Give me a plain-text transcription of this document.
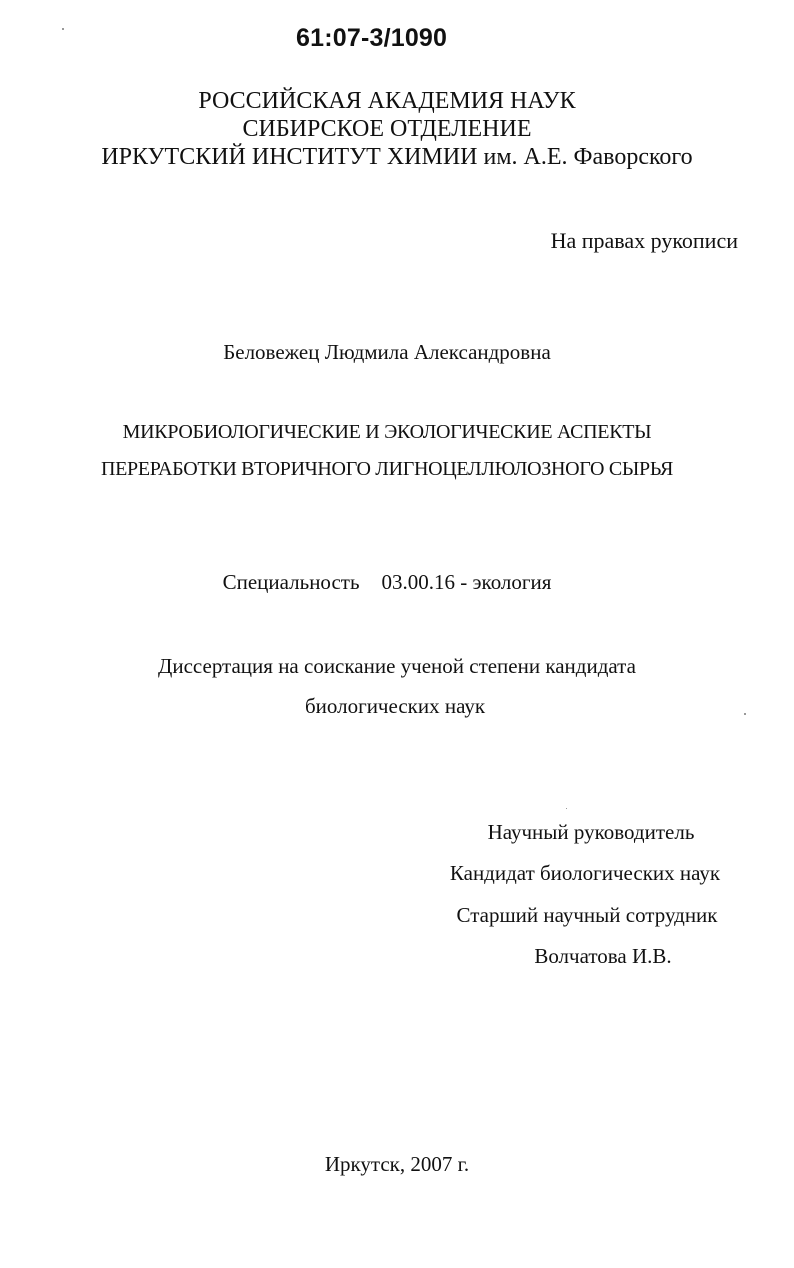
61:07-3/1090
РОССИЙСКАЯ АКАДЕМИЯ НАУК
СИБИРСКОЕ ОТДЕЛЕНИЕ
ИРКУТСКИЙ ИНСТИТУТ ХИМИИ им. А.Е. Фаворского
На правах рукописи
Беловежец Людмила Александровна
МИКРОБИОЛОГИЧЕСКИЕ И ЭКОЛОГИЧЕСКИЕ АСПЕКТЫ
ПЕРЕРАБОТКИ ВТОРИЧНОГО ЛИГНОЦЕЛЛЮЛОЗНОГО СЫРЬЯ
Специальность 03.00.16 - экология
Диссертация на соискание ученой степени кандидата
биологических наук
Научный руководитель
Кандидат биологических наук
Старший научный сотрудник
Волчатова И.В.
Иркутск, 2007 г.
